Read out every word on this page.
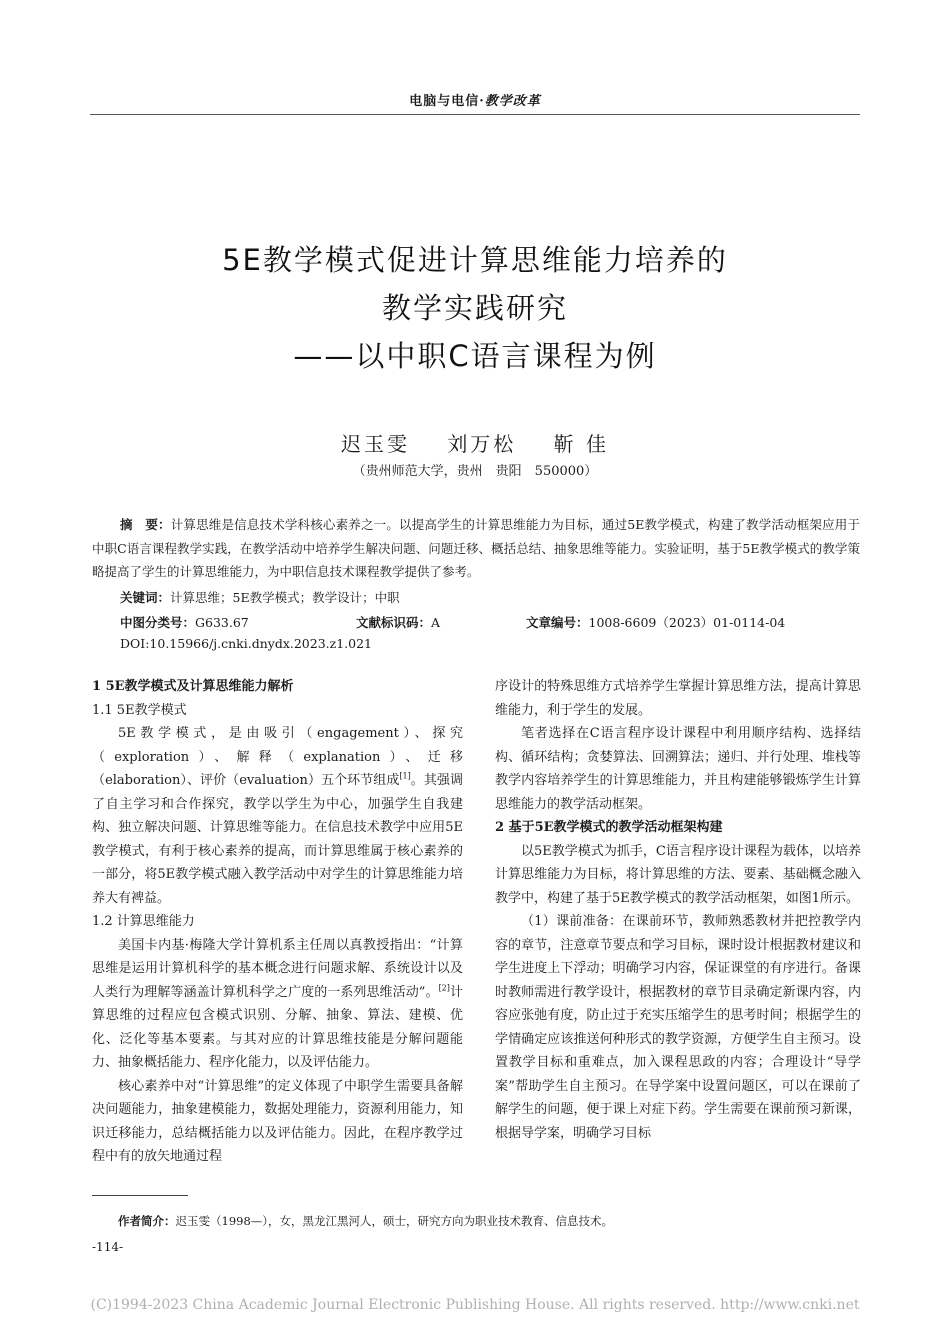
电脑与电信·教学改革
5E教学模式促进计算思维能力培养的
教学实践研究
——以中职C语言课程为例
迟玉雯 刘万松 靳 佳
（贵州师范大学，贵州　贵阳　550000）
摘　要：计算思维是信息技术学科核心素养之一。以提高学生的计算思维能力为目标，通过5E教学模式，构建了教学活动框架应用于中职C语言课程教学实践，在教学活动中培养学生解决问题、问题迁移、概括总结、抽象思维等能力。实验证明，基于5E教学模式的教学策略提高了学生的计算思维能力，为中职信息技术课程教学提供了参考。
关键词：计算思维；5E教学模式；教学设计；中职
中图分类号：G633.67	文献标识码：A	文章编号：1008-6609（2023）01-0114-04
DOI:10.15966/j.cnki.dnydx.2023.z1.021

1 5E教学模式及计算思维能力解析

1.1 5E教学模式

5E教学模式，是由吸引（engagement）、探究（exploration）、解释（explanation）、迁移（elaboration）、评价（evaluation）五个环节组成[1]。其强调了自主学习和合作探究，教学以学生为中心，加强学生自我建构、独立解决问题、计算思维等能力。在信息技术教学中应用5E教学模式，有利于核心素养的提高，而计算思维属于核心素养的一部分，将5E教学模式融入教学活动中对学生的计算思维能力培养大有裨益。

1.2 计算思维能力

美国卡内基·梅隆大学计算机系主任周以真教授指出：“计算思维是运用计算机科学的基本概念进行问题求解、系统设计以及人类行为理解等涵盖计算机科学之广度的一系列思维活动”。[2]计算思维的过程应包含模式识别、分解、抽象、算法、建模、优化、泛化等基本要素。与其对应的计算思维技能是分解问题能力、抽象概括能力、程序化能力，以及评估能力。

核心素养中对“计算思维”的定义体现了中职学生需要具备解决问题能力，抽象建模能力，数据处理能力，资源利用能力，知识迁移能力，总结概括能力以及评估能力。因此，在程序教学过程中有的放矢地通过程

序设计的特殊思维方式培养学生掌握计算思维方法，提高计算思维能力，利于学生的发展。

笔者选择在C语言程序设计课程中利用顺序结构、选择结构、循环结构；贪婪算法、回溯算法；递归、并行处理、堆栈等教学内容培养学生的计算思维能力，并且构建能够锻炼学生计算思维能力的教学活动框架。

2 基于5E教学模式的教学活动框架构建

以5E教学模式为抓手，C语言程序设计课程为载体，以培养计算思维能力为目标，将计算思维的方法、要素、基础概念融入教学中，构建了基于5E教学模式的教学活动框架，如图1所示。

（1）课前准备：在课前环节，教师熟悉教材并把控教学内容的章节，注意章节要点和学习目标，课时设计根据教材建议和学生进度上下浮动；明确学习内容，保证课堂的有序进行。备课时教师需进行教学设计，根据教材的章节目录确定新课内容，内容应张弛有度，防止过于充实压缩学生的思考时间；根据学生的学情确定应该推送何种形式的教学资源，方便学生自主预习。设置教学目标和重难点，加入课程思政的内容；合理设计“导学案”帮助学生自主预习。在导学案中设置问题区，可以在课前了解学生的问题，便于课上对症下药。学生需要在课前预习新课，根据导学案，明确学习目标

作者简介：迟玉雯（1998—），女，黑龙江黑河人，硕士，研究方向为职业技术教育、信息技术。
-114-
(C)1994-2023 China Academic Journal Electronic Publishing House. All rights reserved. http://www.cnki.net
